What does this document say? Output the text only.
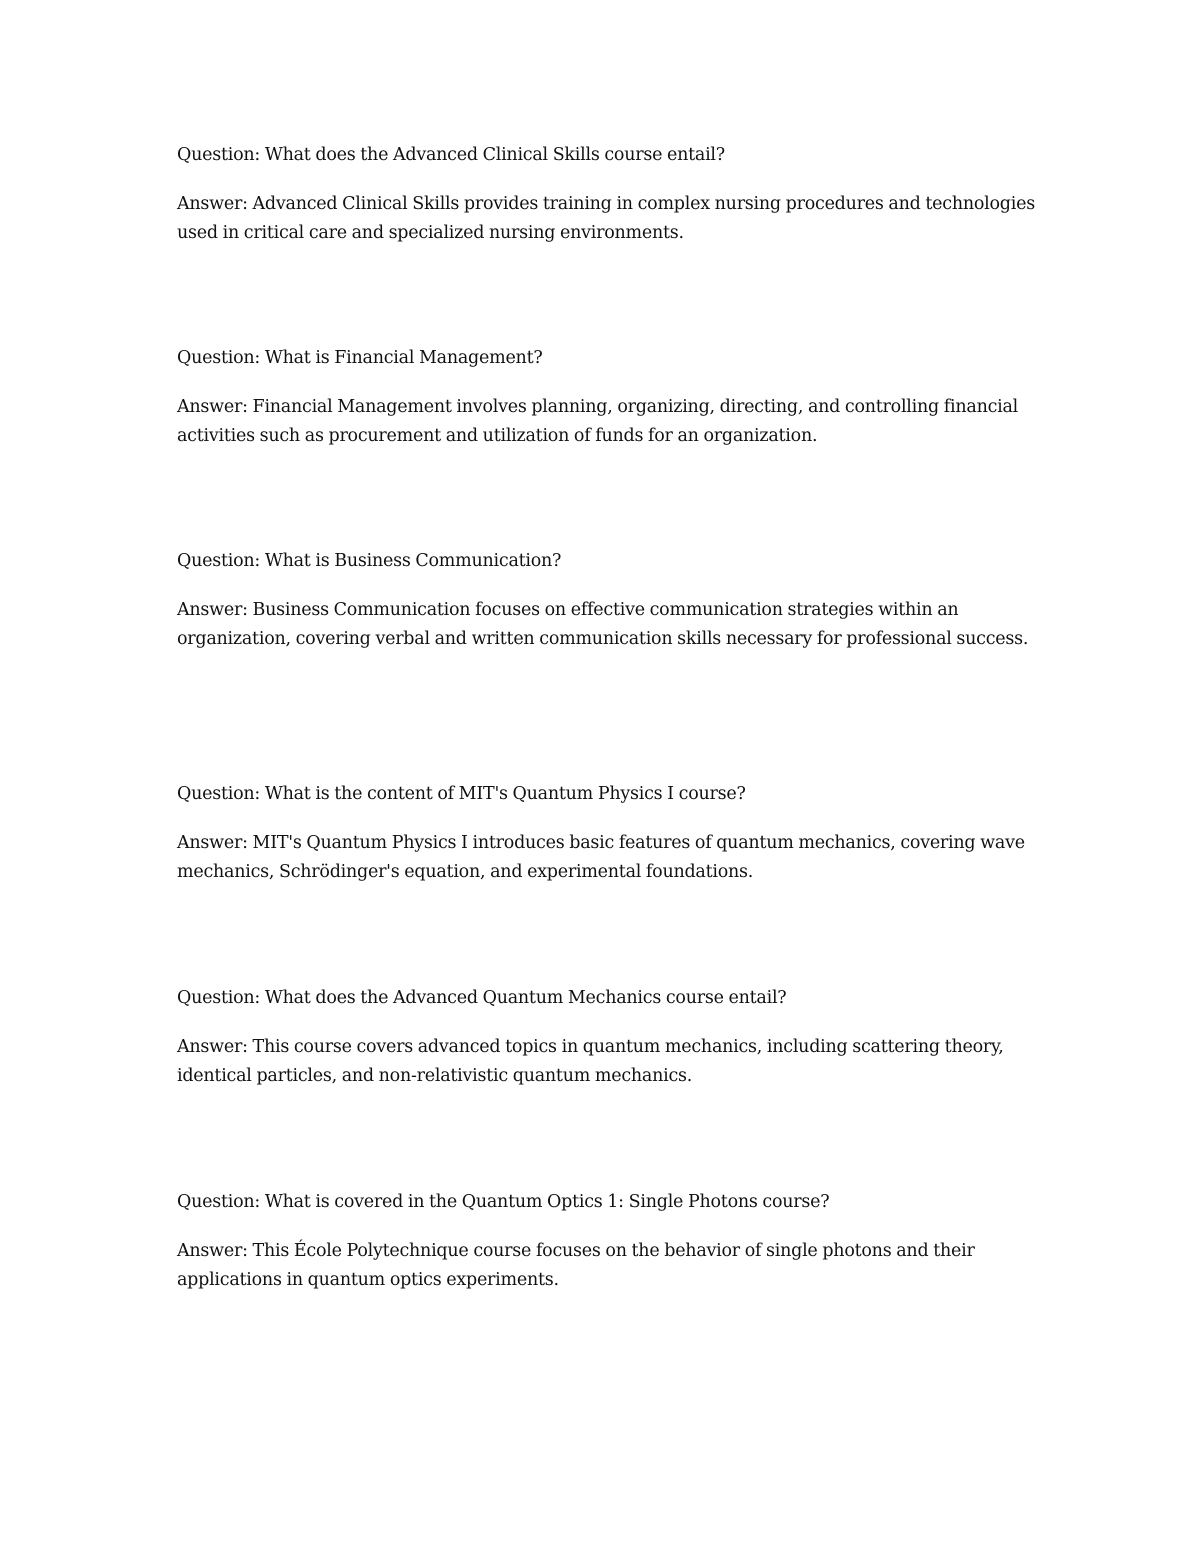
Question: What does the Advanced Clinical Skills course entail?

Answer: Advanced Clinical Skills provides training in complex nursing procedures and technologies used in critical care and specialized nursing environments.

Question: What is Financial Management?

Answer: Financial Management involves planning, organizing, directing, and controlling financial activities such as procurement and utilization of funds for an organization.

Question: What is Business Communication?

Answer: Business Communication focuses on effective communication strategies within an organization, covering verbal and written communication skills necessary for professional success.

Question: What is the content of MIT's Quantum Physics I course?

Answer: MIT's Quantum Physics I introduces basic features of quantum mechanics, covering wave mechanics, Schrödinger's equation, and experimental foundations.

Question: What does the Advanced Quantum Mechanics course entail?

Answer: This course covers advanced topics in quantum mechanics, including scattering theory, identical particles, and non-relativistic quantum mechanics.

Question: What is covered in the Quantum Optics 1: Single Photons course?

Answer: This École Polytechnique course focuses on the behavior of single photons and their applications in quantum optics experiments.
